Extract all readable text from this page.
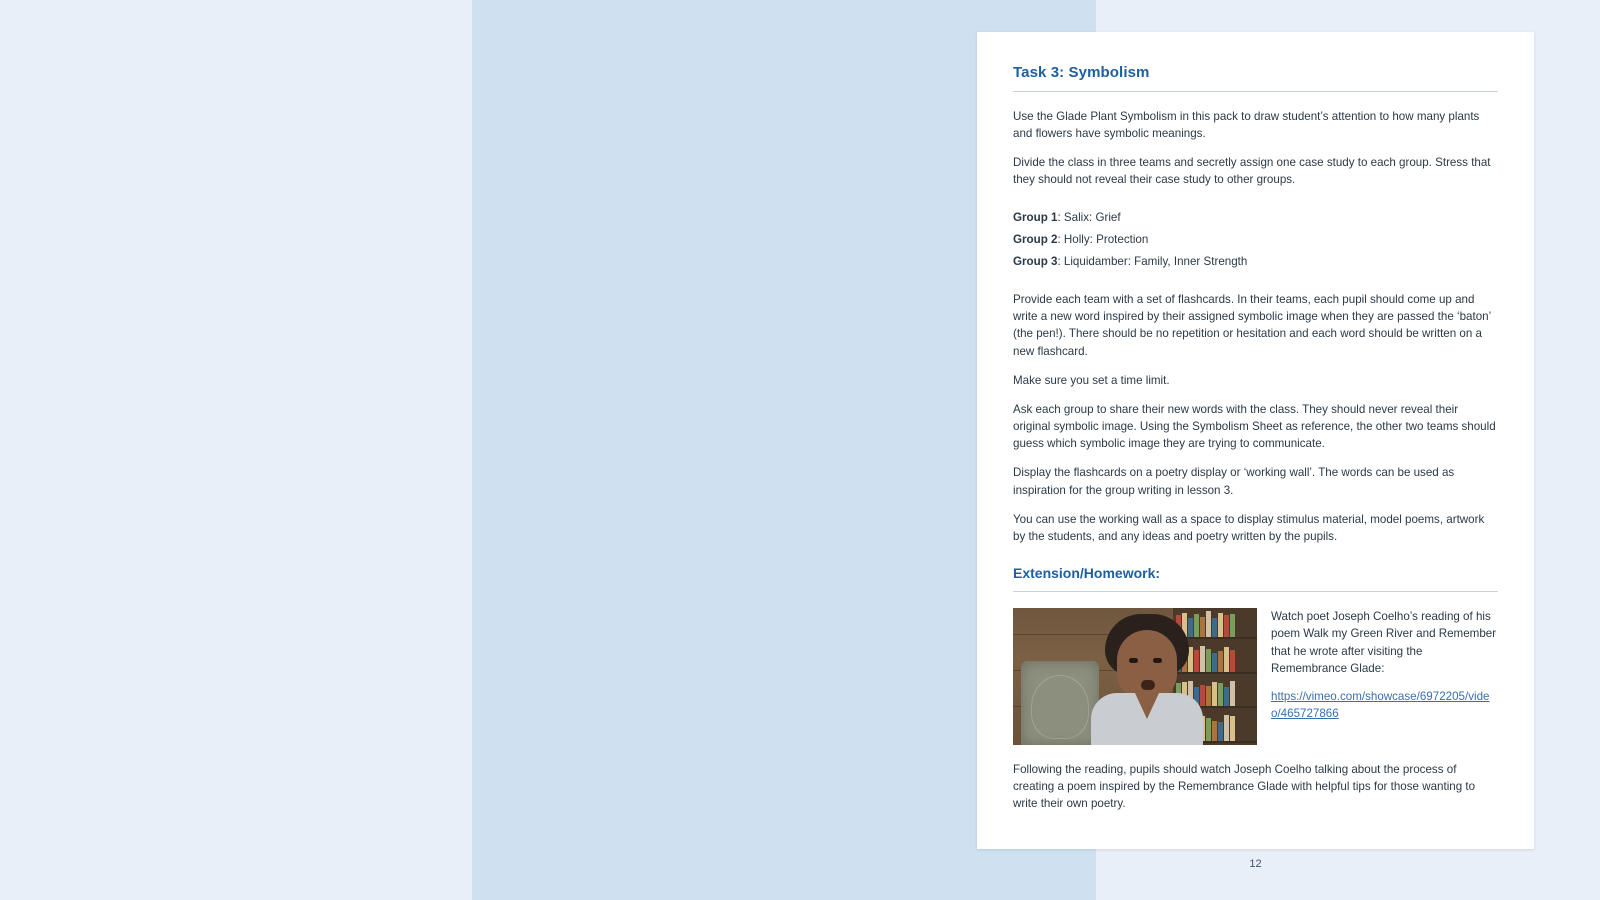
Task 3: Symbolism

Use the Glade Plant Symbolism in this pack to draw student’s attention to how many plants and flowers have symbolic meanings.

Divide the class in three teams and secretly assign one case study to each group. Stress that they should not reveal their case study to other groups.

Group 1: Salix: Grief

Group 2: Holly: Protection

Group 3: Liquidamber: Family, Inner Strength

Provide each team with a set of flashcards. In their teams, each pupil should come up and write a new word inspired by their assigned symbolic image when they are passed the ‘baton’ (the pen!). There should be no repetition or hesitation and each word should be written on a new flashcard.

Make sure you set a time limit.

Ask each group to share their new words with the class. They should never reveal their original symbolic image. Using the Symbolism Sheet as reference, the other two teams should guess which symbolic image they are trying to communicate.

Display the flashcards on a poetry display or ‘working wall’. The words can be used as inspiration for the group writing in lesson 3.

You can use the working wall as a space to display stimulus material, model poems, artwork by the students, and any ideas and poetry written by the pupils.

Extension/Homework:

Watch poet Joseph Coelho’s reading of his poem Walk my Green River and Remember that he wrote after visiting the Remembrance Glade:

https://vimeo.com/showcase/6972205/video/465727866

Following the reading, pupils should watch Joseph Coelho talking about the process of creating a poem inspired by the Remembrance Glade with helpful tips for those wanting to write their own poetry.

12
